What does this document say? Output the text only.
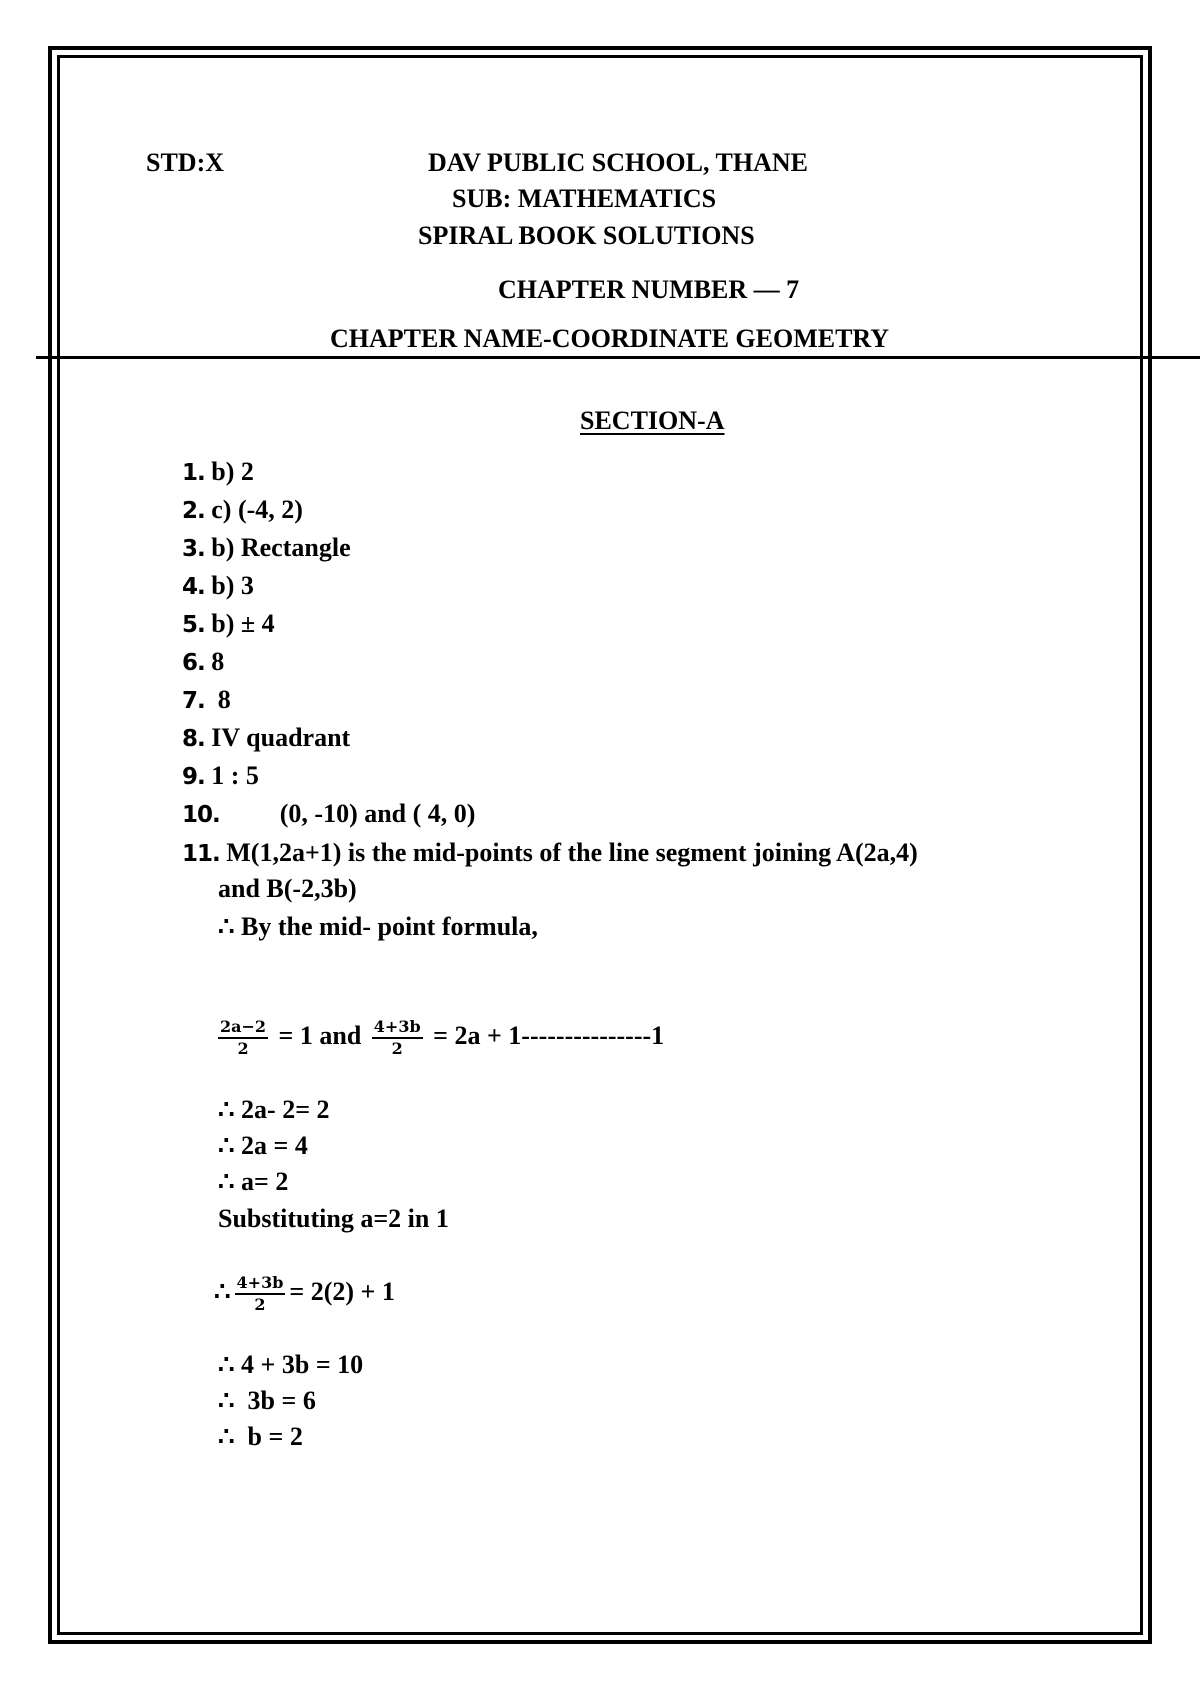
STD:X	DAV PUBLIC SCHOOL, THANE
SUB: MATHEMATICS
SPIRAL BOOK SOLUTIONS
CHAPTER NUMBER — 7
CHAPTER NAME-COORDINATE GEOMETRY
SECTION-A
1. b) 2
2. c) (-4, 2)
3. b) Rectangle
4. b) 3
5. b) ± 4
6. 8
7.  8
8. IV quadrant
9. 1 : 5
10. (0, -10) and ( 4, 0)
11. M(1,2a+1) is the mid-points of the line segment joining A(2a,4)
and B(-2,3b)
∴ By the mid- point formula,
$\frac{2a-2}{2} = 1$ and $\frac{4+3b}{2} = 2a + 1---------------1$
∴ 2a- 2= 2
∴ 2a = 4
∴ a= 2
Substituting a=2 in 1
∴ $\frac{4+3b}{2} = 2(2) + 1$
∴ 4 + 3b = 10
∴  3b = 6
∴  b = 2
